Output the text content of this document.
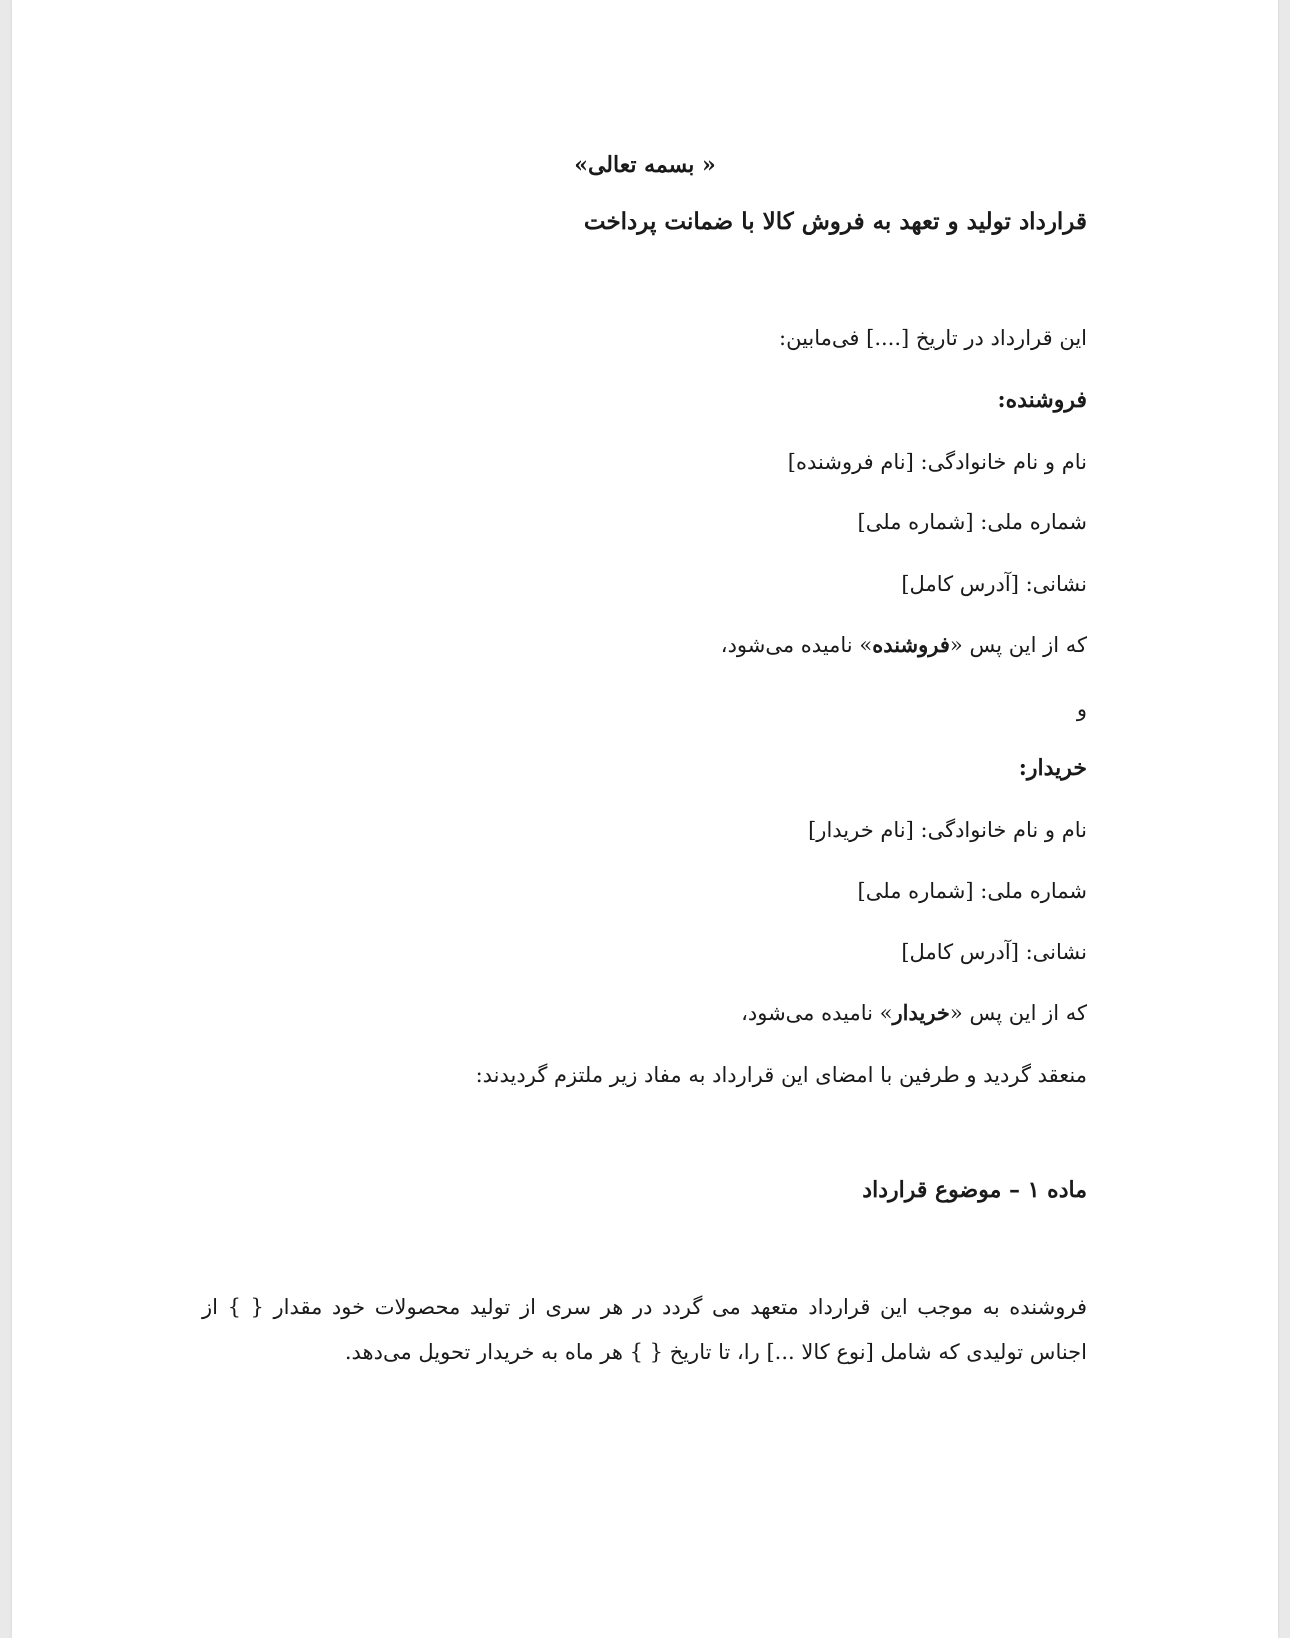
« بسمه تعالی»

قرارداد تولید و تعهد به فروش کالا با ضمانت پرداخت

این قرارداد در تاریخ [....] فی‌مابین:

فروشنده:

نام و نام خانوادگی: [نام فروشنده]

شماره ملی: [شماره ملی]

نشانی: [آدرس کامل]

که از این پس «فروشنده» نامیده می‌شود،

و

خریدار:

نام و نام خانوادگی: [نام خریدار]

شماره ملی: [شماره ملی]

نشانی: [آدرس کامل]

که از این پس «خریدار» نامیده می‌شود،

منعقد گردید و طرفین با امضای این قرارداد به مفاد زیر ملتزم گردیدند:

ماده ۱ – موضوع قرارداد

فروشنده به موجب این قرارداد متعهد می گردد در هر سری از تولید محصولات خود مقدار { } از اجناس تولیدی که شامل [نوع کالا ...] را، تا تاریخ { } هر ماه به خریدار تحویل می‌دهد.
